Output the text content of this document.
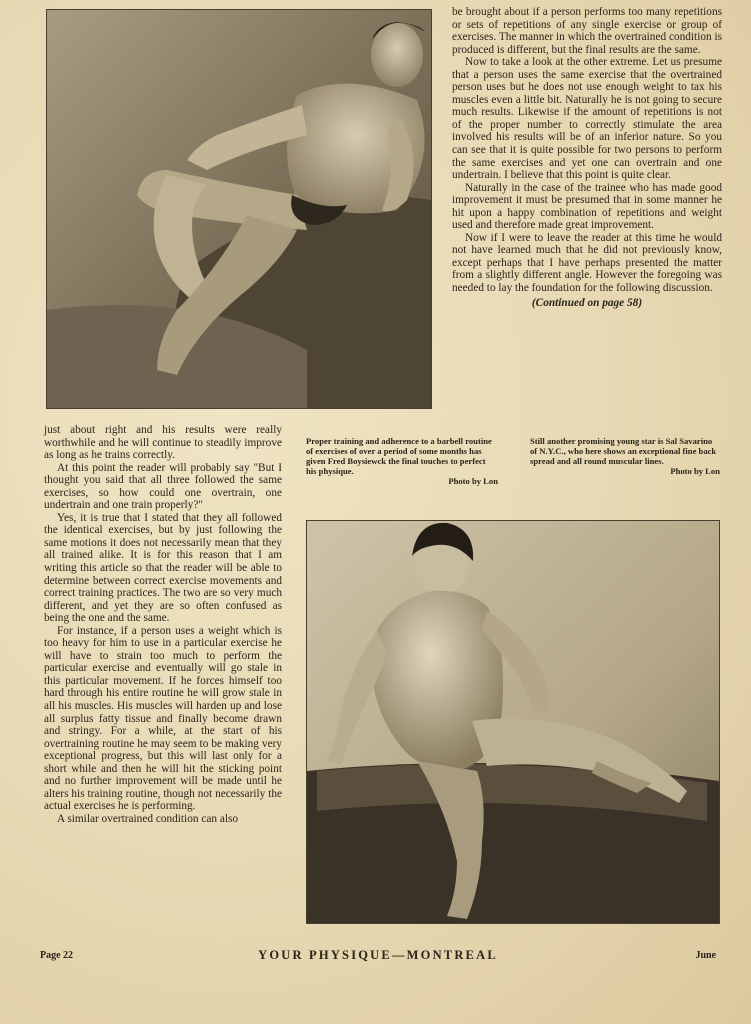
be brought about if a person performs too many repetitions or sets of repetitions of any single exercise or group of exercises. The manner in which the overtrained condition is produced is different, but the final results are the same.

Now to take a look at the other extreme. Let us presume that a person uses the same exercise that the overtrained person uses but he does not use enough weight to tax his muscles even a little bit. Naturally he is not going to secure much results. Likewise if the amount of repetitions is not of the proper number to correctly stimulate the area involved his results will be of an inferior nature. So you can see that it is quite possible for two persons to perform the same exercises and yet one can overtrain and one undertrain. I believe that this point is quite clear.

Naturally in the case of the trainee who has made good improvement it must be presumed that in some manner he hit upon a happy combination of repetitions and weight used and therefore made great improvement.

Now if I were to leave the reader at this time he would not have learned much that he did not previously know, except perhaps that I have perhaps presented the matter from a slightly different angle. However the foregoing was needed to lay the foundation for the following discussion.

(Continued on page 58)

just about right and his results were really worthwhile and he will continue to steadily improve as long as he trains correctly.

At this point the reader will probably say "But I thought you said that all three followed the same exercises, so how could one overtrain, one undertrain and one train properly?"

Yes, it is true that I stated that they all followed the identical exercises, but by just following the same motions it does not necessarily mean that they all trained alike. It is for this reason that I am writing this article so that the reader will be able to determine between correct exercise movements and correct training practices. The two are so very much different, and yet they are so often confused as being the one and the same.

For instance, if a person uses a weight which is too heavy for him to use in a particular exercise he will have to strain too much to perform the particular exercise and eventually will go stale in this particular movement. If he forces himself too hard through his entire routine he will grow stale in all his muscles. His muscles will harden up and lose all surplus fatty tissue and finally become drawn and stringy. For a while, at the start of his overtraining routine he may seem to be making very exceptional progress, but this will last only for a short while and then he will hit the sticking point and no further improvement will be made until he alters his training routine, though not necessarily the actual exercises he is performing.

A similar overtrained condition can also

Proper training and adherence to a barbell routine of exercises of over a period of some months has given Fred Boysiewck the final touches to perfect his physique.
Photo by Lon
Still another promising young star is Sal Savarino of N.Y.C., who here shows an exceptional fine back spread and all round muscular lines.
Photo by Lon
Page 22	YOUR PHYSIQUE—MONTREAL	June
